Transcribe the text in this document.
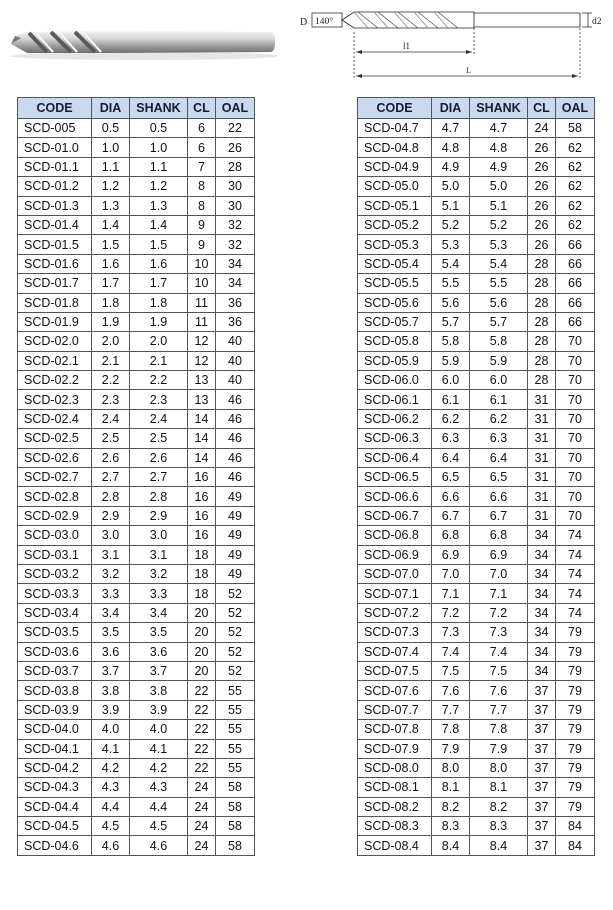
D 140°	d2
l1
L
CODE	DIA	SHANK	CL	OAL
SCD-005	0.5	0.5	6	22
SCD-01.0	1.0	1.0	6	26
SCD-01.1	1.1	1.1	7	28
SCD-01.2	1.2	1.2	8	30
SCD-01.3	1.3	1.3	8	30
SCD-01.4	1.4	1.4	9	32
SCD-01.5	1.5	1.5	9	32
SCD-01.6	1.6	1.6	10	34
SCD-01.7	1.7	1.7	10	34
SCD-01.8	1.8	1.8	11	36
SCD-01.9	1.9	1.9	11	36
SCD-02.0	2.0	2.0	12	40
SCD-02.1	2.1	2.1	12	40
SCD-02.2	2.2	2.2	13	40
SCD-02.3	2.3	2.3	13	46
SCD-02.4	2.4	2.4	14	46
SCD-02.5	2.5	2.5	14	46
SCD-02.6	2.6	2.6	14	46
SCD-02.7	2.7	2.7	16	46
SCD-02.8	2.8	2.8	16	49
SCD-02.9	2.9	2.9	16	49
SCD-03.0	3.0	3.0	16	49
SCD-03.1	3.1	3.1	18	49
SCD-03.2	3.2	3.2	18	49
SCD-03.3	3.3	3.3	18	52
SCD-03.4	3.4	3.4	20	52
SCD-03.5	3.5	3.5	20	52
SCD-03.6	3.6	3.6	20	52
SCD-03.7	3.7	3.7	20	52
SCD-03.8	3.8	3.8	22	55
SCD-03.9	3.9	3.9	22	55
SCD-04.0	4.0	4.0	22	55
SCD-04.1	4.1	4.1	22	55
SCD-04.2	4.2	4.2	22	55
SCD-04.3	4.3	4.3	24	58
SCD-04.4	4.4	4.4	24	58
SCD-04.5	4.5	4.5	24	58
SCD-04.6	4.6	4.6	24	58
CODE	DIA	SHANK	CL	OAL
SCD-04.7	4.7	4.7	24	58
SCD-04.8	4.8	4.8	26	62
SCD-04.9	4.9	4.9	26	62
SCD-05.0	5.0	5.0	26	62
SCD-05.1	5.1	5.1	26	62
SCD-05.2	5.2	5.2	26	62
SCD-05.3	5.3	5.3	26	66
SCD-05.4	5.4	5.4	28	66
SCD-05.5	5.5	5.5	28	66
SCD-05.6	5.6	5.6	28	66
SCD-05.7	5.7	5.7	28	66
SCD-05.8	5.8	5.8	28	70
SCD-05.9	5.9	5.9	28	70
SCD-06.0	6.0	6.0	28	70
SCD-06.1	6.1	6.1	31	70
SCD-06.2	6.2	6.2	31	70
SCD-06.3	6.3	6.3	31	70
SCD-06.4	6.4	6.4	31	70
SCD-06.5	6.5	6.5	31	70
SCD-06.6	6.6	6.6	31	70
SCD-06.7	6.7	6.7	31	70
SCD-06.8	6.8	6.8	34	74
SCD-06.9	6.9	6.9	34	74
SCD-07.0	7.0	7.0	34	74
SCD-07.1	7.1	7.1	34	74
SCD-07.2	7.2	7.2	34	74
SCD-07.3	7.3	7.3	34	79
SCD-07.4	7.4	7.4	34	79
SCD-07.5	7.5	7.5	34	79
SCD-07.6	7.6	7.6	37	79
SCD-07.7	7.7	7.7	37	79
SCD-07.8	7.8	7.8	37	79
SCD-07.9	7.9	7.9	37	79
SCD-08.0	8.0	8.0	37	79
SCD-08.1	8.1	8.1	37	79
SCD-08.2	8.2	8.2	37	79
SCD-08.3	8.3	8.3	37	84
SCD-08.4	8.4	8.4	37	84
